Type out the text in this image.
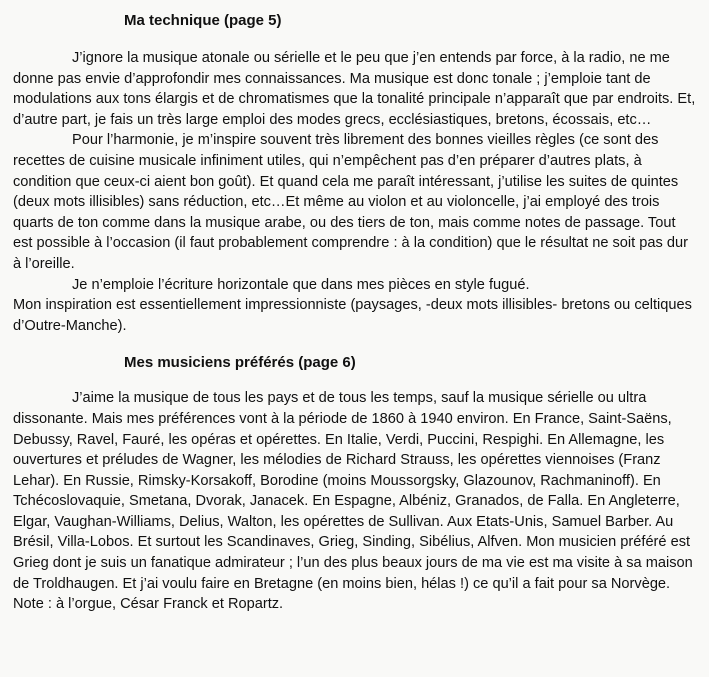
Ma technique (page 5)

J’ignore la musique atonale ou sérielle et le peu que j’en entends par force, à la radio, ne me donne pas envie d’approfondir mes connaissances. Ma musique est donc tonale ; j’emploie tant de modulations aux tons élargis et de chromatismes que la tonalité principale n’apparaît que par endroits. Et, d’autre part, je fais un très large emploi des modes grecs, ecclésiastiques, bretons, écossais, etc…

Pour l’harmonie, je m’inspire souvent très librement des bonnes vieilles règles (ce sont des recettes de cuisine musicale infiniment utiles, qui n’empêchent pas d’en préparer d’autres plats, à condition que ceux-ci aient bon goût). Et quand cela me paraît intéressant, j’utilise les suites de quintes (deux mots illisibles) sans réduction, etc…Et même au violon et au violoncelle, j’ai employé des trois quarts de ton comme dans la musique arabe, ou des tiers de ton, mais comme notes de passage. Tout est possible à l’occasion (il faut probablement comprendre : à la condition) que le résultat ne soit pas dur à l’oreille.

Je n’emploie l’écriture horizontale que dans mes pièces en style fugué.

Mon inspiration est essentiellement impressionniste (paysages, -deux mots illisibles- bretons ou celtiques d’Outre-Manche).

Mes musiciens préférés (page 6)

J’aime la musique de tous les pays et de tous les temps, sauf la musique sérielle ou ultra dissonante. Mais mes préférences vont à la période de 1860 à 1940 environ. En France, Saint-Saëns, Debussy, Ravel, Fauré, les opéras et opérettes. En Italie, Verdi, Puccini, Respighi. En Allemagne, les ouvertures et préludes de Wagner, les mélodies de Richard Strauss, les opérettes viennoises (Franz Lehar). En Russie, Rimsky-Korsakoff, Borodine (moins Moussorgsky, Glazounov, Rachmaninoff). En Tchécoslovaquie, Smetana, Dvorak, Janacek. En Espagne, Albéniz, Granados, de Falla. En Angleterre, Elgar, Vaughan-Williams, Delius, Walton, les opérettes de Sullivan. Aux Etats-Unis, Samuel Barber. Au Brésil, Villa-Lobos. Et surtout les Scandinaves, Grieg, Sinding, Sibélius, Alfven. Mon musicien préféré est Grieg dont je suis un fanatique admirateur ; l’un des plus beaux jours de ma vie est ma visite à sa maison de Troldhaugen. Et j’ai voulu faire en Bretagne (en moins bien, hélas !) ce qu’il a fait pour sa Norvège.

Note : à l’orgue, César Franck et Ropartz.
